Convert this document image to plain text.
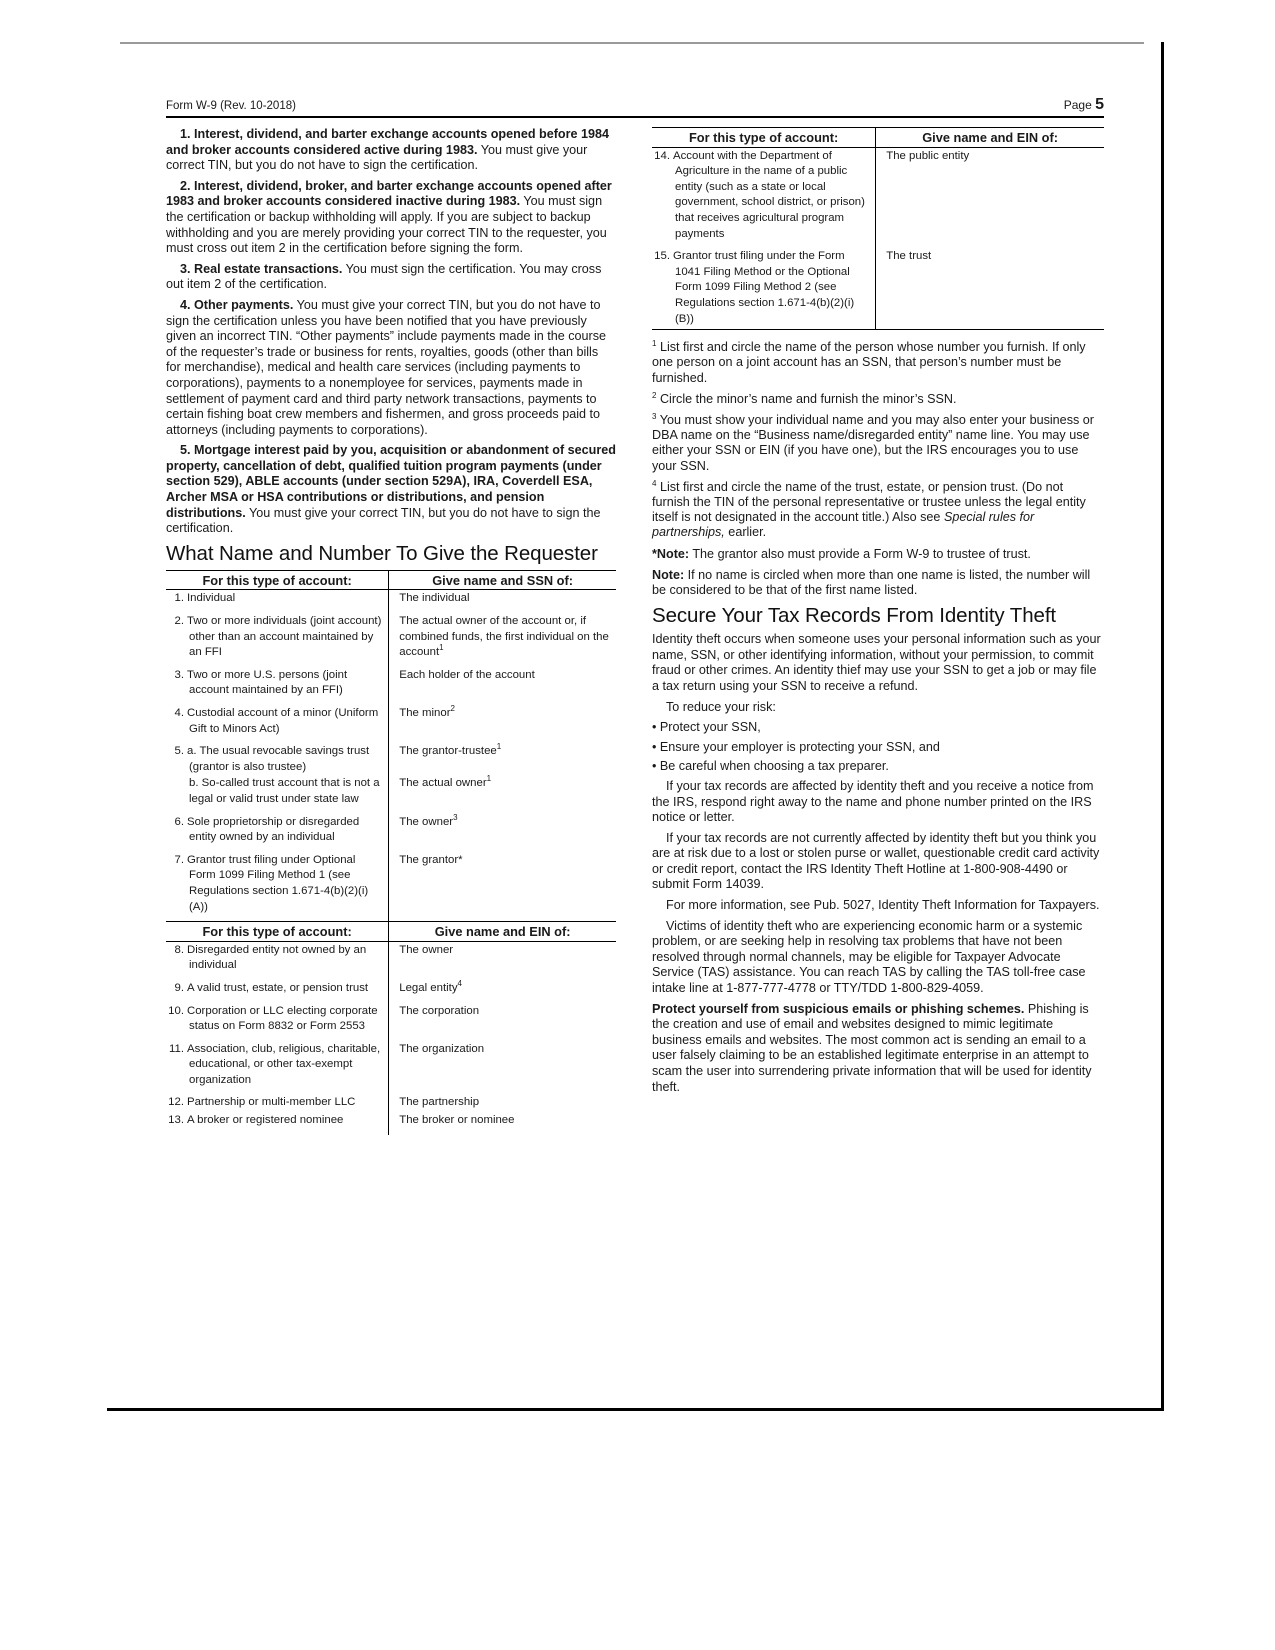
Form W-9 (Rev. 10-2018)	Page 5

1. Interest, dividend, and barter exchange accounts opened before 1984 and broker accounts considered active during 1983. You must give your correct TIN, but you do not have to sign the certification.

2. Interest, dividend, broker, and barter exchange accounts opened after 1983 and broker accounts considered inactive during 1983. You must sign the certification or backup withholding will apply. If you are subject to backup withholding and you are merely providing your correct TIN to the requester, you must cross out item 2 in the certification before signing the form.

3. Real estate transactions. You must sign the certification. You may cross out item 2 of the certification.

4. Other payments. You must give your correct TIN, but you do not have to sign the certification unless you have been notified that you have previously given an incorrect TIN. “Other payments” include payments made in the course of the requester’s trade or business for rents, royalties, goods (other than bills for merchandise), medical and health care services (including payments to corporations), payments to a nonemployee for services, payments made in settlement of payment card and third party network transactions, payments to certain fishing boat crew members and fishermen, and gross proceeds paid to attorneys (including payments to corporations).

5. Mortgage interest paid by you, acquisition or abandonment of secured property, cancellation of debt, qualified tuition program payments (under section 529), ABLE accounts (under section 529A), IRA, Coverdell ESA, Archer MSA or HSA contributions or distributions, and pension distributions. You must give your correct TIN, but you do not have to sign the certification.

What Name and Number To Give the Requester
For this type of account:	Give name and SSN of:

1. Individual	The individual

2. Two or more individuals (joint account) other than an account maintained by an FFI	The actual owner of the account or, if combined funds, the first individual on the account$^1$

3. Two or more U.S. persons (joint account maintained by an FFI)	Each holder of the account

4. Custodial account of a minor (Uniform Gift to Minors Act)	The minor$^2$

5. a. The usual revocable savings trust (grantor is also trustee)	The grantor-trustee$^1$

b. So-called trust account that is not a legal or valid trust under state law	The actual owner$^1$

6. Sole proprietorship or disregarded entity owned by an individual	The owner$^3$

7. Grantor trust filing under Optional Form 1099 Filing Method 1 (see Regulations section 1.671-4(b)(2)(i)(A))	The grantor*
For this type of account:	Give name and EIN of:

8. Disregarded entity not owned by an individual	The owner

9. A valid trust, estate, or pension trust	Legal entity$^4$

10. Corporation or LLC electing corporate status on Form 8832 or Form 2553	The corporation

11. Association, club, religious, charitable, educational, or other tax-exempt organization	The organization

12. Partnership or multi-member LLC	The partnership

13. A broker or registered nominee	The broker or nominee
For this type of account:	Give name and EIN of:

14. Account with the Department of Agriculture in the name of a public entity (such as a state or local government, school district, or prison) that receives agricultural program payments	The public entity

15. Grantor trust filing under the Form 1041 Filing Method or the Optional Form 1099 Filing Method 2 (see Regulations section 1.671-4(b)(2)(i)(B))	The trust

$^1$ List first and circle the name of the person whose number you furnish. If only one person on a joint account has an SSN, that person’s number must be furnished.

$^2$ Circle the minor’s name and furnish the minor’s SSN.

$^3$ You must show your individual name and you may also enter your business or DBA name on the “Business name/disregarded entity” name line. You may use either your SSN or EIN (if you have one), but the IRS encourages you to use your SSN.

$^4$ List first and circle the name of the trust, estate, or pension trust. (Do not furnish the TIN of the personal representative or trustee unless the legal entity itself is not designated in the account title.) Also see Special rules for partnerships, earlier.

*Note: The grantor also must provide a Form W-9 to trustee of trust.

Note: If no name is circled when more than one name is listed, the number will be considered to be that of the first name listed.

Secure Your Tax Records From Identity Theft

Identity theft occurs when someone uses your personal information such as your name, SSN, or other identifying information, without your permission, to commit fraud or other crimes. An identity thief may use your SSN to get a job or may file a tax return using your SSN to receive a refund.

To reduce your risk:

• Protect your SSN,

• Ensure your employer is protecting your SSN, and

• Be careful when choosing a tax preparer.

If your tax records are affected by identity theft and you receive a notice from the IRS, respond right away to the name and phone number printed on the IRS notice or letter.

If your tax records are not currently affected by identity theft but you think you are at risk due to a lost or stolen purse or wallet, questionable credit card activity or credit report, contact the IRS Identity Theft Hotline at 1-800-908-4490 or submit Form 14039.

For more information, see Pub. 5027, Identity Theft Information for Taxpayers.

Victims of identity theft who are experiencing economic harm or a systemic problem, or are seeking help in resolving tax problems that have not been resolved through normal channels, may be eligible for Taxpayer Advocate Service (TAS) assistance. You can reach TAS by calling the TAS toll-free case intake line at 1-877-777-4778 or TTY/TDD 1-800-829-4059.

Protect yourself from suspicious emails or phishing schemes. Phishing is the creation and use of email and websites designed to mimic legitimate business emails and websites. The most common act is sending an email to a user falsely claiming to be an established legitimate enterprise in an attempt to scam the user into surrendering private information that will be used for identity theft.
